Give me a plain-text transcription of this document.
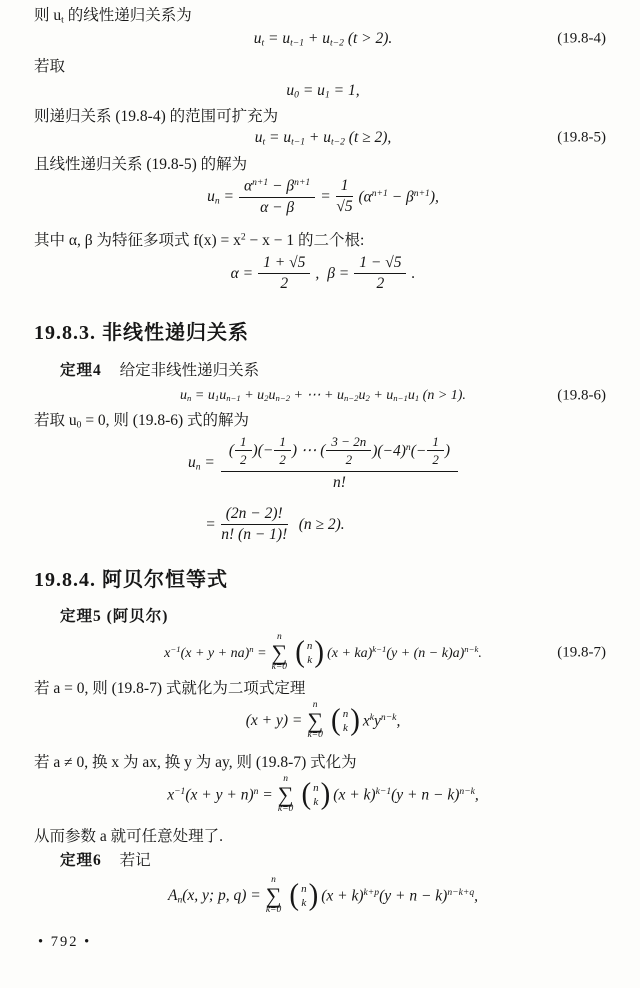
则 $u_t$ 的线性递归关系为

$u_t = u_{t-1} + u_{t-2}$ (t > 2).	(19.8-4)

若取

$u_0 = u_1 = 1$,

则递归关系 (19.8-4) 的范围可扩充为

$u_t = u_{t-1} + u_{t-2}$ (t ≥ 2),	(19.8-5)

且线性递归关系 (19.8-5) 的解为

$u_n = \frac{\alpha^{n+1} - \beta^{n+1}}{\alpha - \beta} = \frac{1}{√5} (\alpha^{n+1} - \beta^{n+1})$,

其中 α, β 为特征多项式 $f(x) = x^2 - x - 1$ 的二个根:

$\alpha = \frac{1 + √5}{2}$ , $\beta = \frac{1 - √5}{2}$ .
19.8.3. 非线性递归关系

定理4 给定非线性递归关系

$u_n = u_1u_{n-1} + u_2u_{n-2}$ + ⋯ + $u_{n-2}u_2 + u_{n-1}u_1$ (n > 1).	(19.8-6)

若取 $u_0 = 0$, 则 (19.8-6) 式的解为

$u_n$ =
( $\frac{1}{2}$ )(− $\frac{1}{2}$ ) ⋯ ( $\frac{3 - 2n}{2} )(-4)^n(- \frac{1}{2}$ )
n!
= $\frac{(2n - 2)!}{n! (n - 1)!} (n \ge 2)$.
19.8.4. 阿贝尔恒等式

定理5 (阿贝尔)

$x^{-1}(x + y + na)^n$ =
n
∑
k=0 ( n
k ) $(x + ka)^{k-1}(y + (n - k)a)^{n-k}$.	(19.8-7)

若 a = 0, 则 (19.8-7) 式就化为二项式定理

(x + y) =
n
∑
k=0 ( n
k ) $x^ky^{n-k}$,

若 a ≠ 0, 换 x 为 ax, 换 y 为 ay, 则 (19.8-7) 式化为

$x^{-1}(x + y + n)^n$ =
n
∑
k=0 ( n
k ) $(x + k)^{k-1}(y + n - k)^{n-k}$,

从而参数 a 就可任意处理了.

定理6 若记

$A_n(x$, y; p, q) =
n
∑
k=0 ( n
k ) $(x + k)^{k+p}(y + n - k)^{n-k+q}$,
• 792 •
